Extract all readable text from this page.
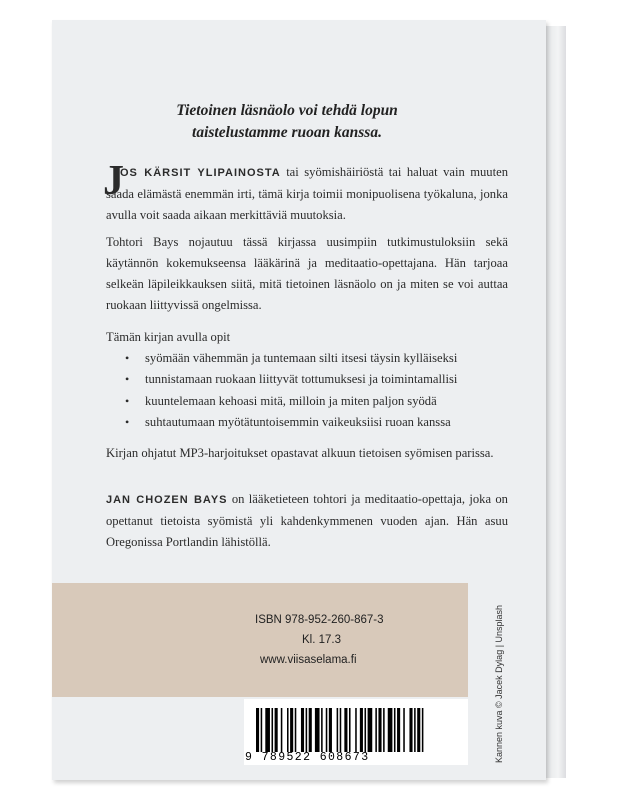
Kannen kuva © Jacek Dylag | Unsplash
Tietoinen läsnäolo voi tehdä lopun
taistelustamme ruoan kanssa.
J

OS KÄRSIT YLIPAINOSTA tai syömishäiriöstä tai haluat vain muuten saada elämästä enemmän irti, tämä kirja toimii monipuolisena työkaluna, jonka avulla voit saada aikaan merkittäviä muutoksia.

Tohtori Bays nojautuu tässä kirjassa uusimpiin tutkimustuloksiin sekä käytännön kokemukseensa lääkärinä ja meditaatio-opettajana. Hän tarjoaa selkeän läpileikkauksen siitä, mitä tietoinen läsnäolo on ja miten se voi auttaa ruokaan liittyvissä ongelmissa.

Tämän kirjan avulla opit

• syömään vähemmän ja tuntemaan silti itsesi täysin kylläiseksi
• tunnistamaan ruokaan liittyvät tottumuksesi ja toimintamallisi
• kuuntelemaan kehoasi mitä, milloin ja miten paljon syödä
• suhtautumaan myötätuntoisemmin vaikeuksiisi ruoan kanssa

Kirjan ohjatut MP3-harjoitukset opastavat alkuun tietoisen syömisen parissa.

JAN CHOZEN BAYS on lääketieteen tohtori ja meditaatio-opettaja, joka on opettanut tietoista syömistä yli kahdenkymmenen vuoden ajan. Hän asuu Oregonissa Portlandin lähistöllä.

ISBN 978-952-260-867-3
Kl. 17.3
www.viisaselama.fi
9 789522 608673
